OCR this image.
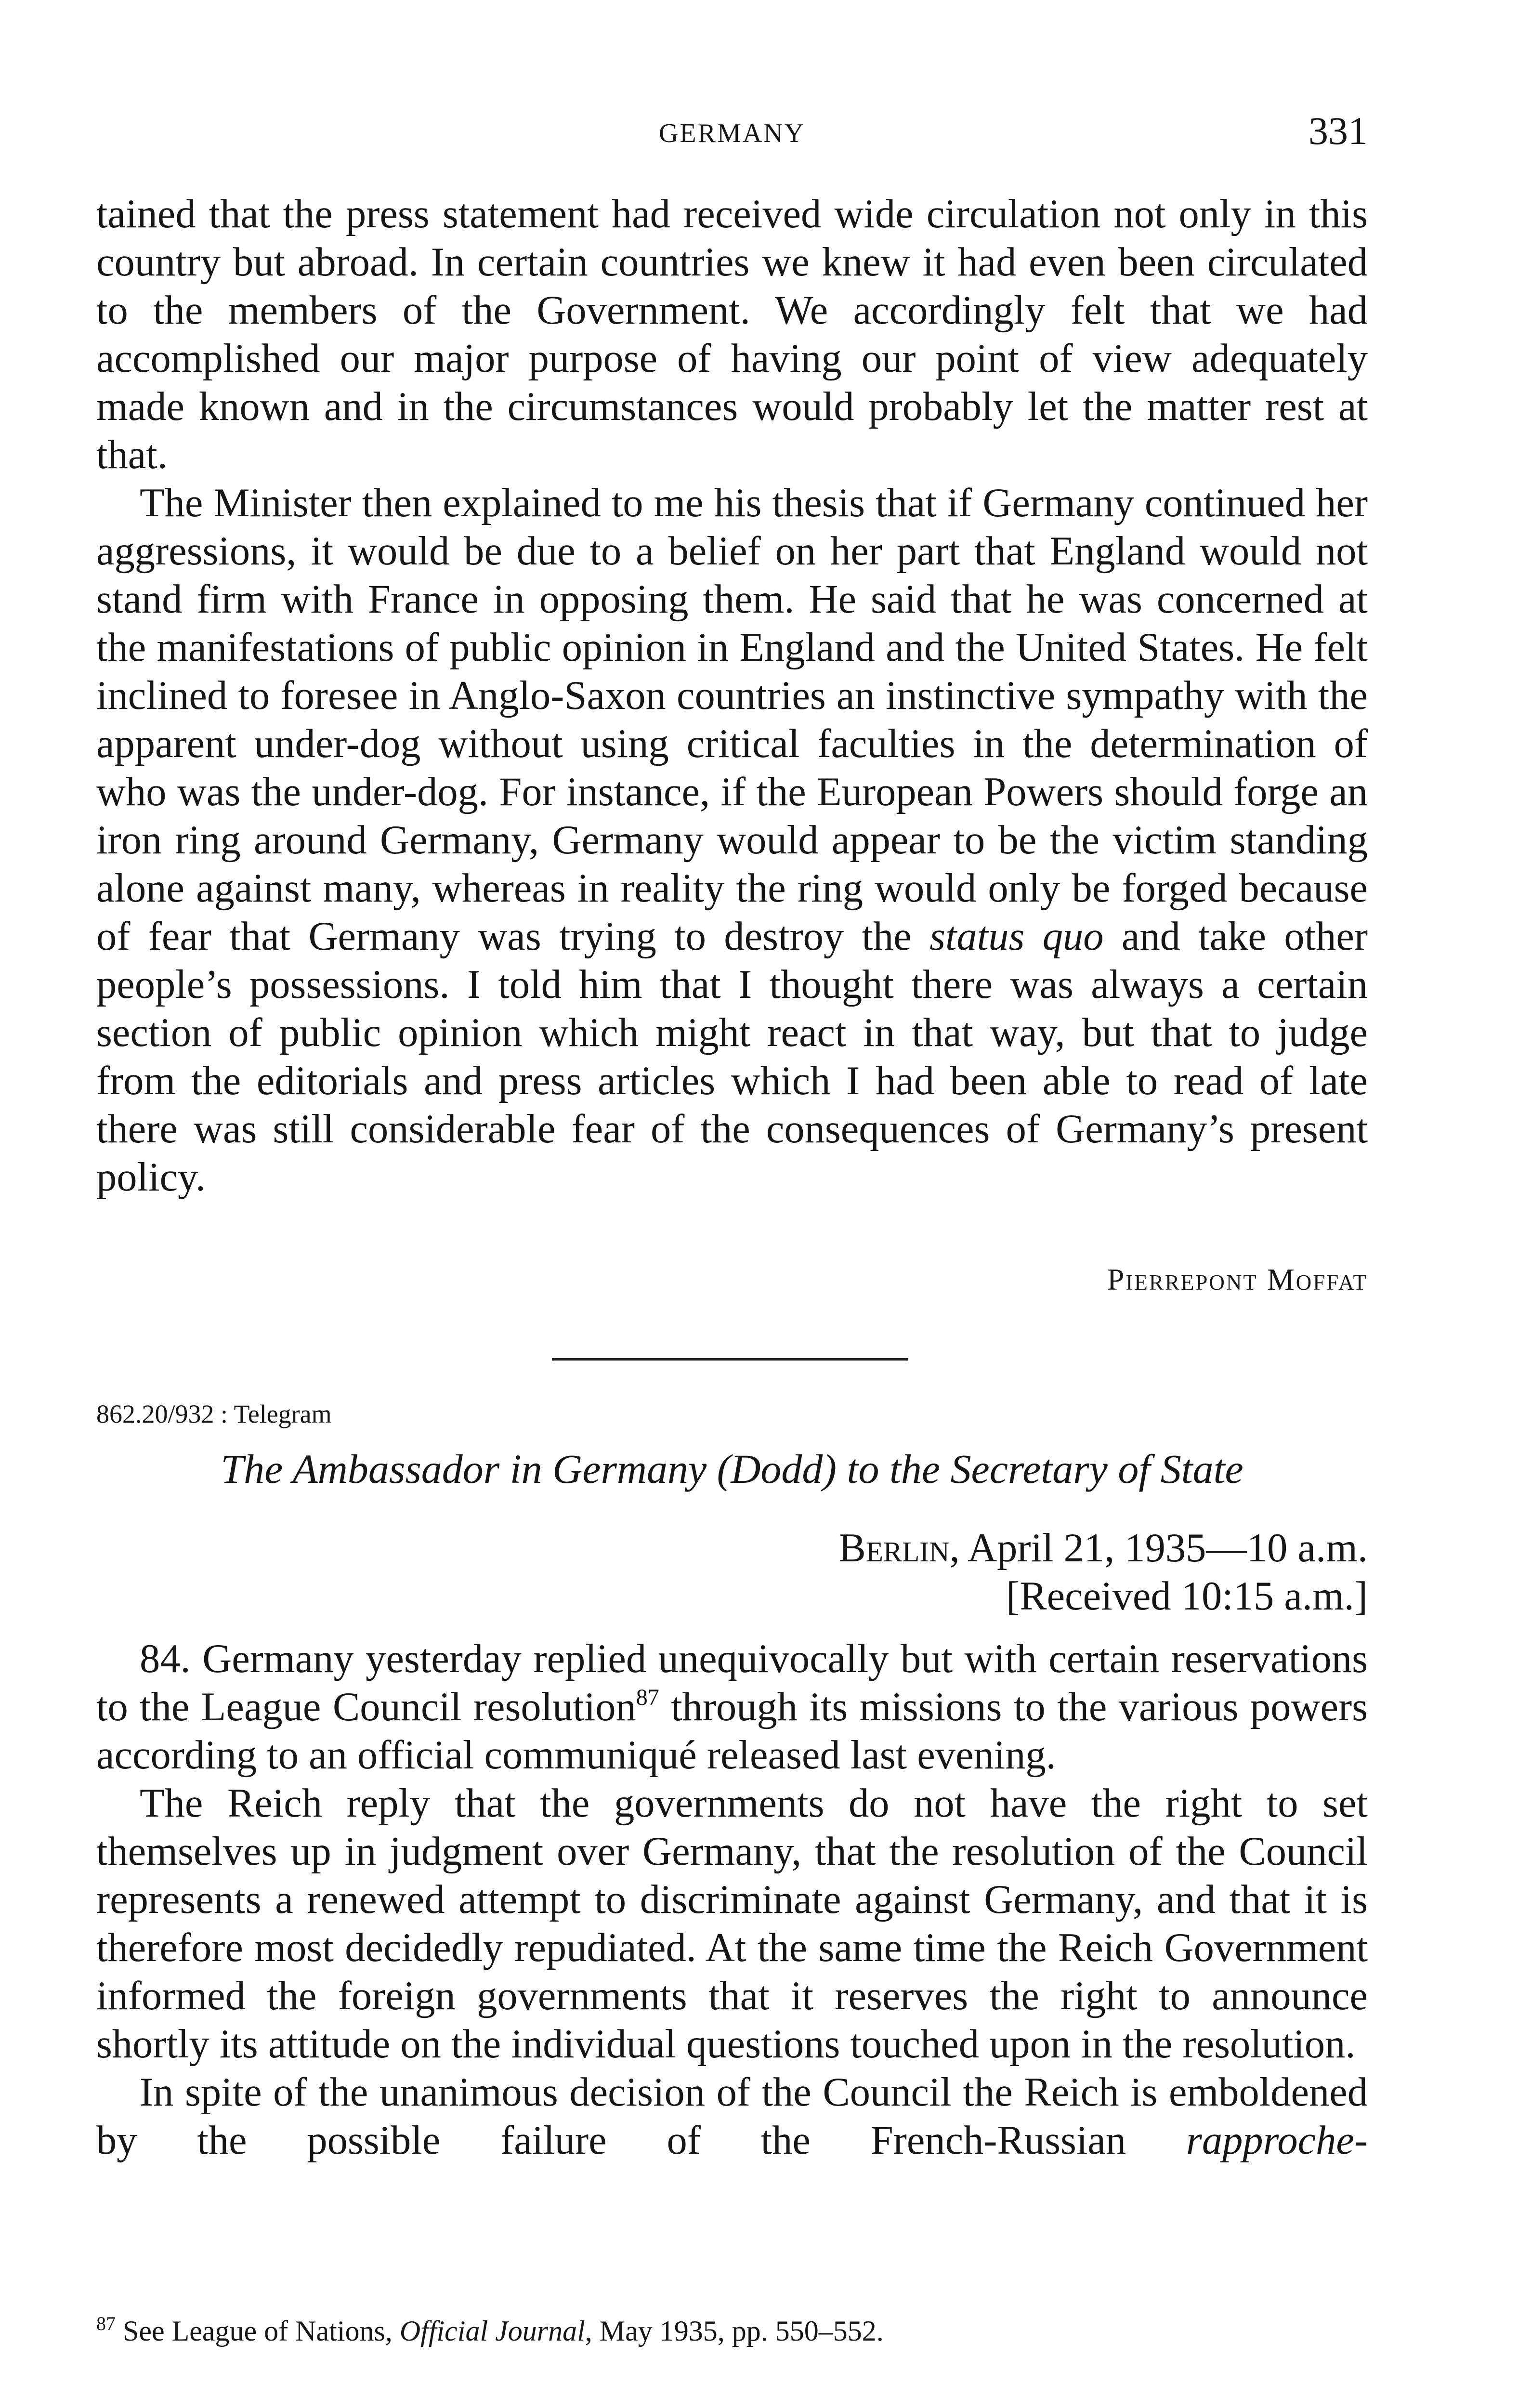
GERMANY	331

tained that the press statement had received wide circulation not only in this country but abroad. In certain countries we knew it had even been circulated to the members of the Government. We accordingly felt that we had accomplished our major purpose of having our point of view adequately made known and in the circumstances would probably let the matter rest at that.

The Minister then explained to me his thesis that if Germany continued her aggressions, it would be due to a belief on her part that England would not stand firm with France in opposing them. He said that he was concerned at the manifestations of public opinion in England and the United States. He felt inclined to foresee in Anglo-Saxon countries an instinctive sympathy with the apparent under-dog without using critical faculties in the determination of who was the under-dog. For instance, if the European Powers should forge an iron ring around Germany, Germany would appear to be the victim standing alone against many, whereas in reality the ring would only be forged because of fear that Germany was trying to destroy the status quo and take other people’s possessions. I told him that I thought there was always a certain section of public opinion which might react in that way, but that to judge from the editorials and press articles which I had been able to read of late there was still considerable fear of the consequences of Germany’s present policy.

Pierrepont Moffat
862.20/932 : Telegram
The Ambassador in Germany (Dodd) to the Secretary of State
Berlin, April 21, 1935—10 a.m.
[Received 10:15 a.m.]

84. Germany yesterday replied unequivocally but with certain reservations to the League Council resolution$^{87}$ through its missions to the various powers according to an official communiqué released last evening.

The Reich reply that the governments do not have the right to set themselves up in judgment over Germany, that the resolution of the Council represents a renewed attempt to discriminate against Germany, and that it is therefore most decidedly repudiated. At the same time the Reich Government informed the foreign governments that it reserves the right to announce shortly its attitude on the individual questions touched upon in the resolution.

In spite of the unanimous decision of the Council the Reich is emboldened by the possible failure of the French-Russian rapproche-

$^{87}$ See League of Nations, Official Journal, May 1935, pp. 550–552.
